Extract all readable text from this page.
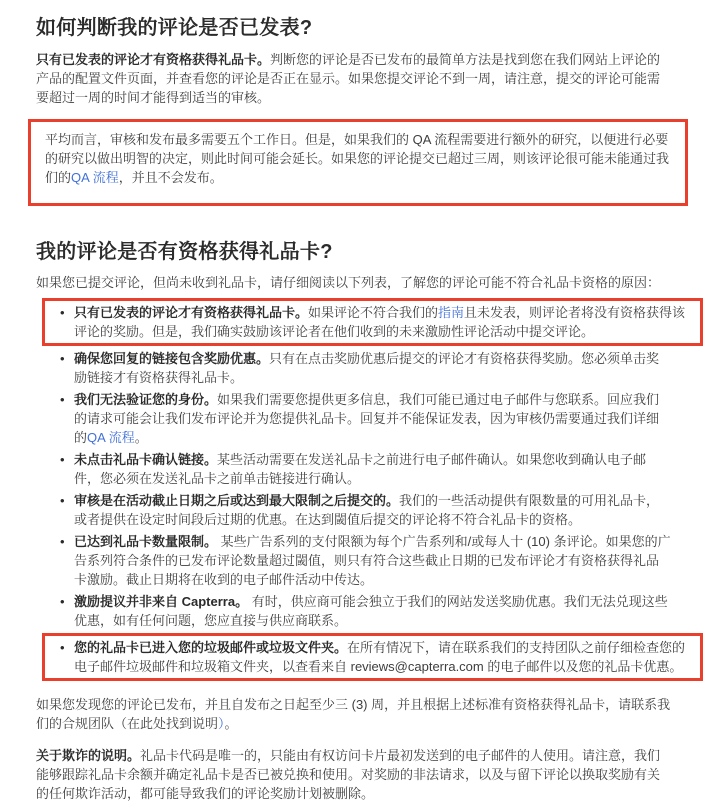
如何判断我的评论是否已发表?

只有已发表的评论才有资格获得礼品卡。判断您的评论是否已发布的最简单方法是找到您在我们网站上评论的产品的配置文件页面，并查看您的评论是否正在显示。如果您提交评论不到一周，请注意，提交的评论可能需要超过一周的时间才能得到适当的审核。

平均而言，审核和发布最多需要五个工作日。但是，如果我们的 QA 流程需要进行额外的研究，以便进行必要的研究以做出明智的决定，则此时间可能会延长。如果您的评论提交已超过三周，则该评论很可能未能通过我们的QA 流程，并且不会发布。

我的评论是否有资格获得礼品卡?

如果您已提交评论，但尚未收到礼品卡，请仔细阅读以下列表，了解您的评论可能不符合礼品卡资格的原因：

• 只有已发表的评论才有资格获得礼品卡。如果评论不符合我们的指南且未发表，则评论者将没有资格获得该评论的奖励。但是，我们确实鼓励该评论者在他们收到的未来激励性评论活动中提交评论。
• 确保您回复的链接包含奖励优惠。只有在点击奖励优惠后提交的评论才有资格获得奖励。您必须单击奖励链接才有资格获得礼品卡。
• 我们无法验证您的身份。如果我们需要您提供更多信息，我们可能已通过电子邮件与您联系。回应我们的请求可能会让我们发布评论并为您提供礼品卡。回复并不能保证发表，因为审核仍需要通过我们详细的QA 流程。
• 未点击礼品卡确认链接。某些活动需要在发送礼品卡之前进行电子邮件确认。如果您收到确认电子邮件，您必须在发送礼品卡之前单击链接进行确认。
• 审核是在活动截止日期之后或达到最大限制之后提交的。我们的一些活动提供有限数量的可用礼品卡，或者提供在设定时间段后过期的优惠。在达到閾值后提交的评论将不符合礼品卡的资格。
• 已达到礼品卡数量限制。 某些广告系列的支付限额为每个广告系列和/或每人十 (10) 条评论。如果您的广告系列符合条件的已发布评论数量超过閾值，则只有符合这些截止日期的已发布评论才有资格获得礼品卡激励。截止日期将在收到的电子邮件活动中传达。
• 激励提议并非来自 Capterra。 有时，供应商可能会独立于我们的网站发送奖励优惠。我们无法兑现这些优惠，如有任何问题，您应直接与供应商联系。
• 您的礼品卡已进入您的垃圾邮件或垃圾文件夹。在所有情况下，请在联系我们的支持团队之前仔细检查您的电子邮件垃圾邮件和垃圾箱文件夹，以查看来自 reviews@capterra.com 的电子邮件以及您的礼品卡优惠。

如果您发现您的评论已发布，并且自发布之日起至少三 (3) 周，并且根据上述标准有资格获得礼品卡，请联系我们的合规团队（在此处找到说明）。

关于欺诈的说明。礼品卡代码是唯一的，只能由有权访问卡片最初发送到的电子邮件的人使用。请注意，我们能够跟踪礼品卡余额并确定礼品卡是否已被兑换和使用。对奖励的非法请求，以及与留下评论以换取奖励有关的任何欺诈活动，都可能导致我们的评论奖励计划被删除。
